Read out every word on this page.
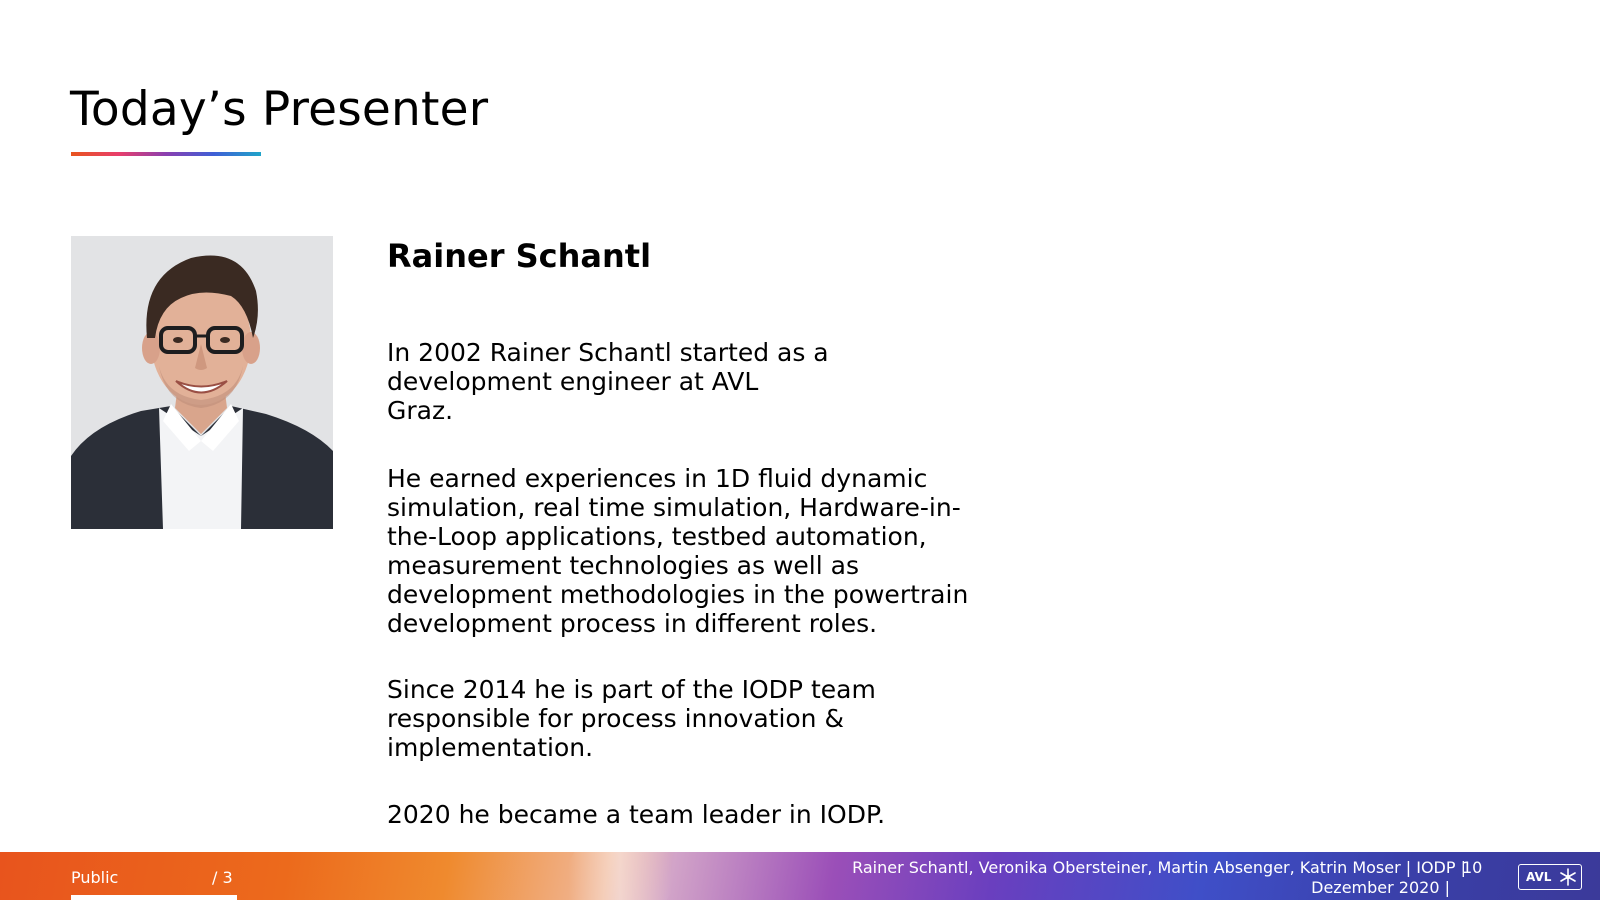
Today’s Presenter
Rainer Schantl
In 2002 Rainer Schantl started as a
development engineer at AVL
Graz.
He earned experiences in 1D fluid dynamic
simulation, real time simulation, Hardware-in-
the-Loop applications, testbed automation,
measurement technologies as well as
development methodologies in the powertrain
development process in different roles.
Since 2014 he is part of the IODP team
responsible for process innovation &
implementation.
2020 he became a team leader in IODP.
Public	/ 3
Rainer Schantl, Veronika Obersteiner, Martin Absenger, Katrin Moser | IODP |
10
Dezember 2020 |
AVL
